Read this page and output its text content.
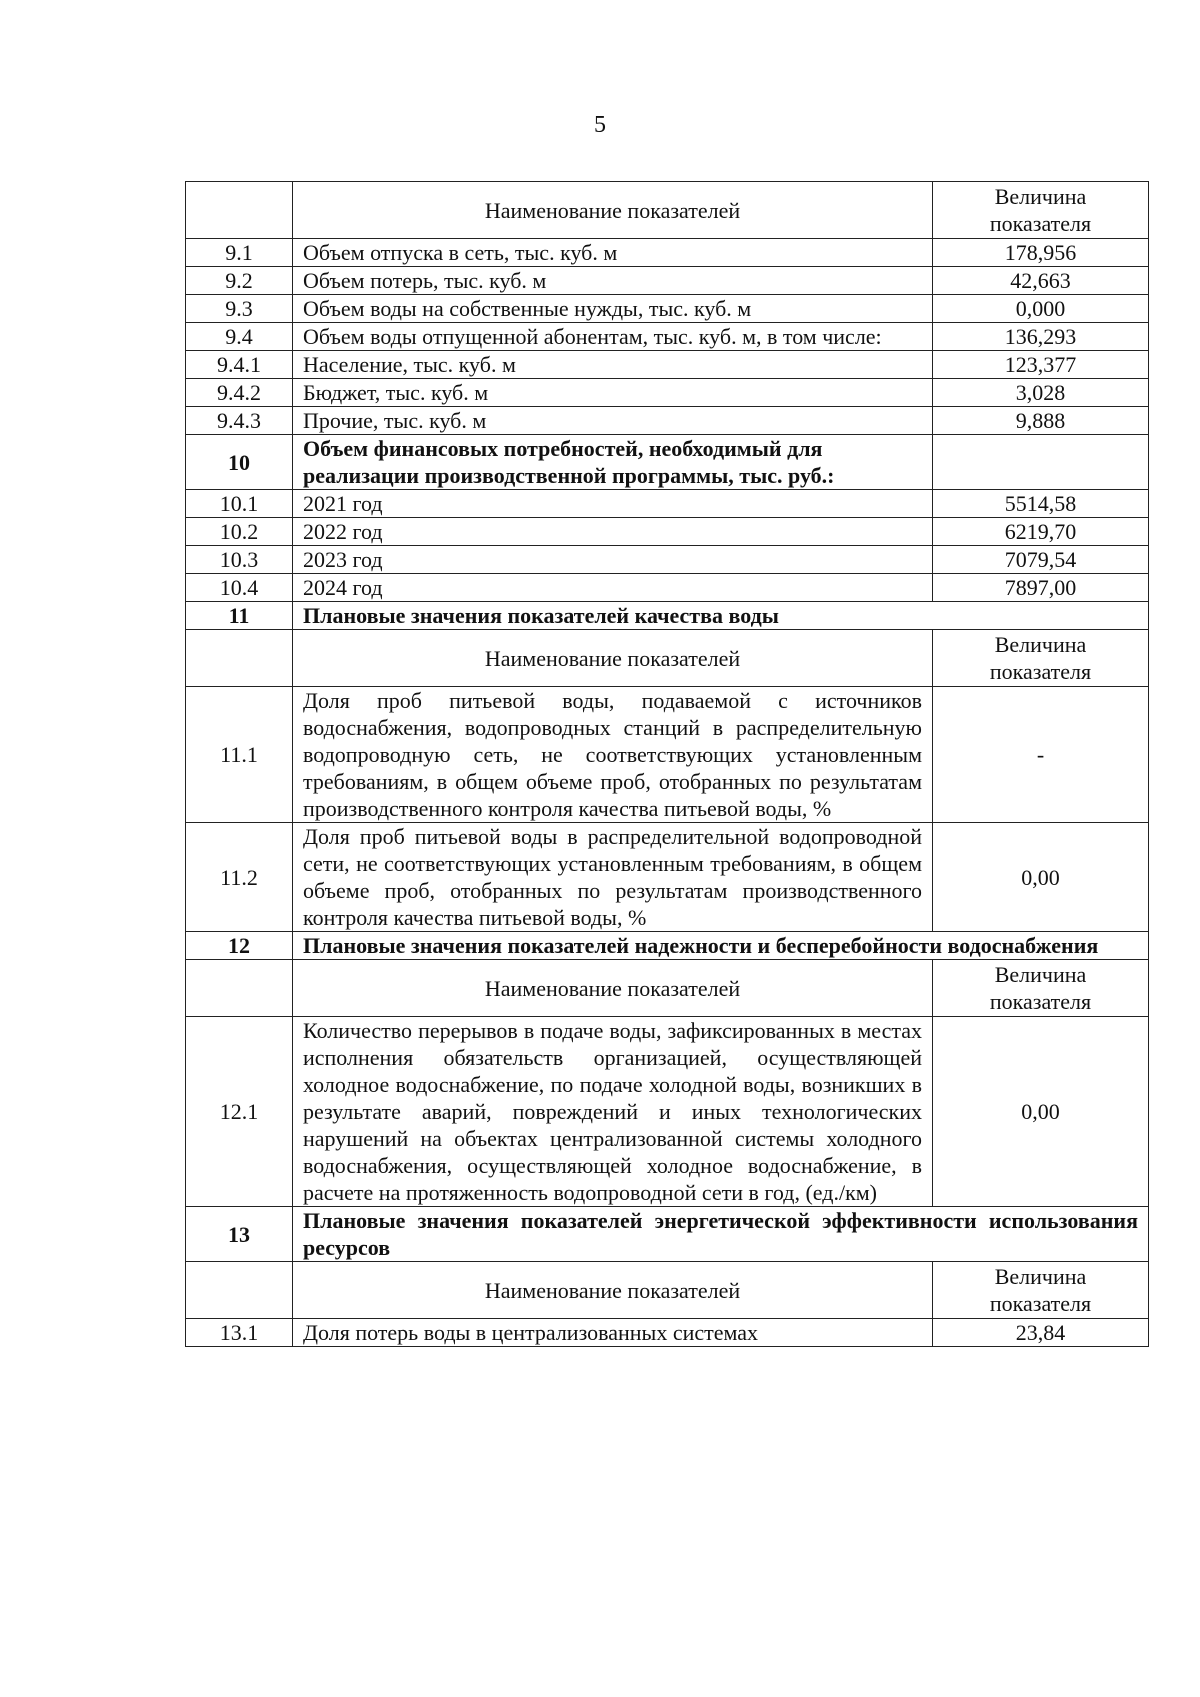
5
	Наименование показателей	Величина показателя
9.1	Объем отпуска в сеть, тыс. куб. м	178,956
9.2	Объем потерь, тыс. куб. м	42,663
9.3	Объем воды на собственные нужды, тыс. куб. м	0,000
9.4	Объем воды отпущенной абонентам, тыс. куб. м, в том числе:	136,293
9.4.1	Население, тыс. куб. м	123,377
9.4.2	Бюджет, тыс. куб. м	3,028
9.4.3	Прочие, тыс. куб. м	9,888
10	Объем финансовых потребностей, необходимый для реализации производственной программы, тыс. руб.:	
10.1	2021 год	5514,58
10.2	2022 год	6219,70
10.3	2023 год	7079,54
10.4	2024 год	7897,00
11	Плановые значения показателей качества воды	
	Наименование показателей	Величина показателя
11.1	Доля проб питьевой воды, подаваемой с источников водоснабжения, водопроводных станций в распределительную водопроводную сеть, не соответствующих установленным требованиям, в общем объеме проб, отобранных по результатам производственного контроля качества питьевой воды, %	-
11.2	Доля проб питьевой воды в распределительной водопроводной сети, не соответствующих установленным требованиям, в общем объеме проб, отобранных по результатам производственного контроля качества питьевой воды, %	0,00
12	Плановые значения показателей надежности и бесперебойности водоснабжения	
	Наименование показателей	Величина показателя
12.1	Количество перерывов в подаче воды, зафиксированных в местах исполнения обязательств организацией, осуществляющей холодное водоснабжение, по подаче холодной воды, возникших в результате аварий, повреждений и иных технологических нарушений на объектах централизованной системы холодного водоснабжения, осуществляющей холодное водоснабжение, в расчете на протяженность водопроводной сети в год, (ед./км)	0,00
13	Плановые значения показателей энергетической эффективности использования ресурсов	
	Наименование показателей	Величина показателя
13.1	Доля потерь воды в централизованных системах	23,84
